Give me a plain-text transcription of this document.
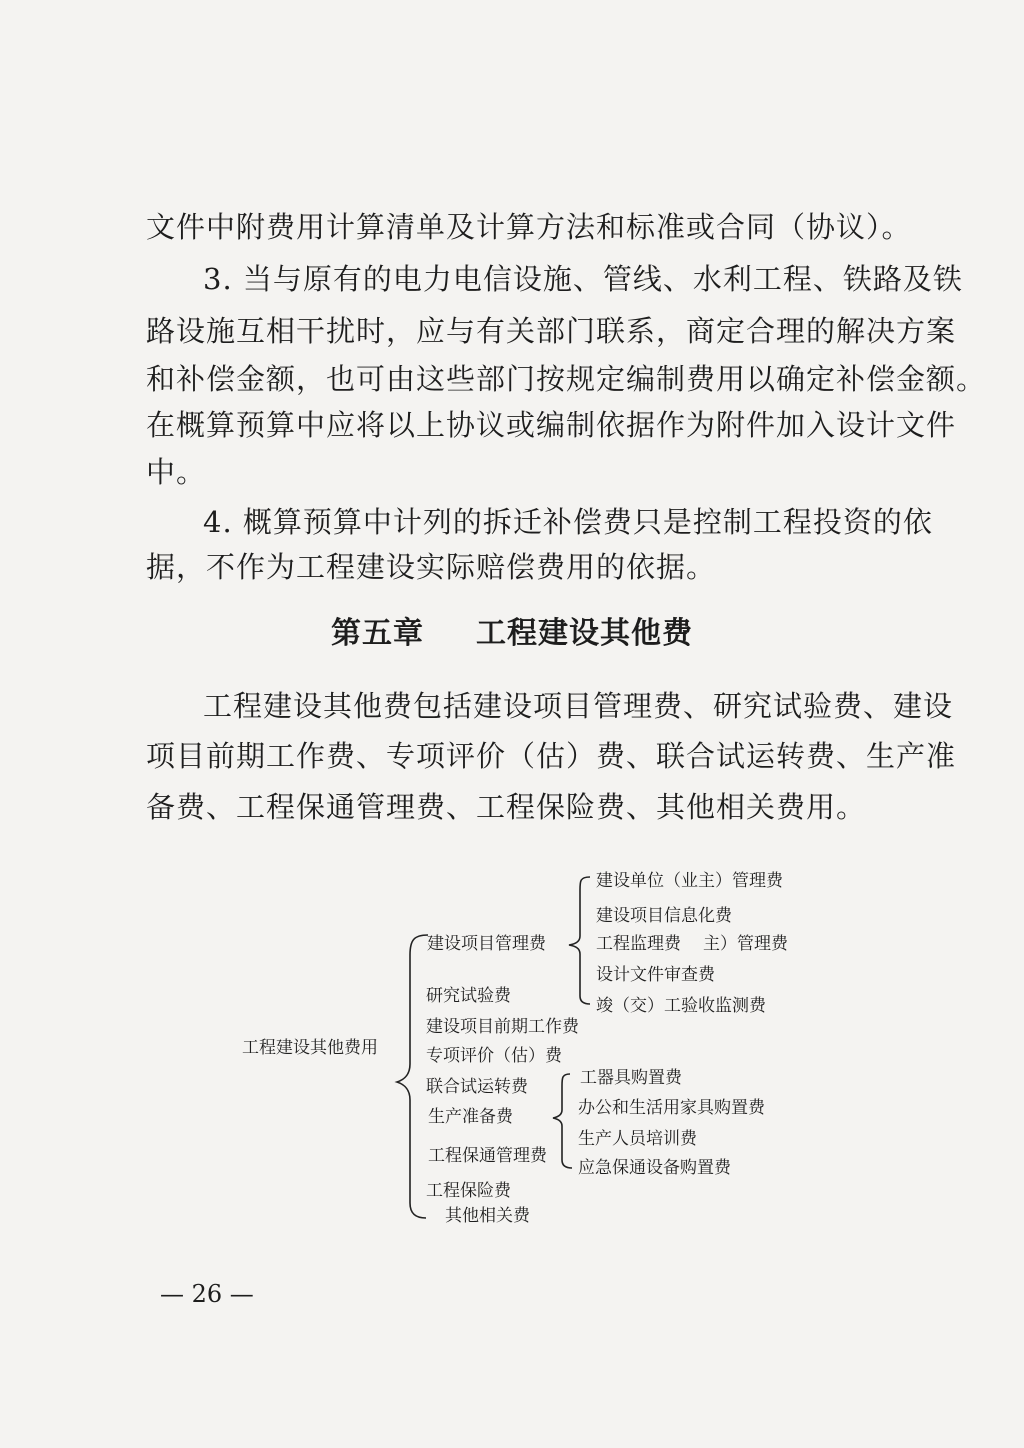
文件中附费用计算清单及计算方法和标准或合同（协议）。
3. 当与原有的电力电信设施、管线、水利工程、铁路及铁
路设施互相干扰时，应与有关部门联系，商定合理的解决方案
和补偿金额，也可由这些部门按规定编制费用以确定补偿金额。
在概算预算中应将以上协议或编制依据作为附件加入设计文件
中。
4. 概算预算中计列的拆迁补偿费只是控制工程投资的依
据，不作为工程建设实际赔偿费用的依据。
第五章 工程建设其他费
工程建设其他费包括建设项目管理费、研究试验费、建设
项目前期工作费、专项评价（估）费、联合试运转费、生产准
备费、工程保通管理费、工程保险费、其他相关费用。
工程建设其他费用
建设项目管理费
研究试验费
建设项目前期工作费
专项评价（估）费
联合试运转费
生产准备费
工程保通管理费
工程保险费
其他相关费
建设单位（业主）管理费
建设项目信息化费
工程监理费 主）管理费
设计文件审查费
竣（交）工验收监测费
工器具购置费
办公和生活用家具购置费
生产人员培训费
应急保通设备购置费
— 26 —
